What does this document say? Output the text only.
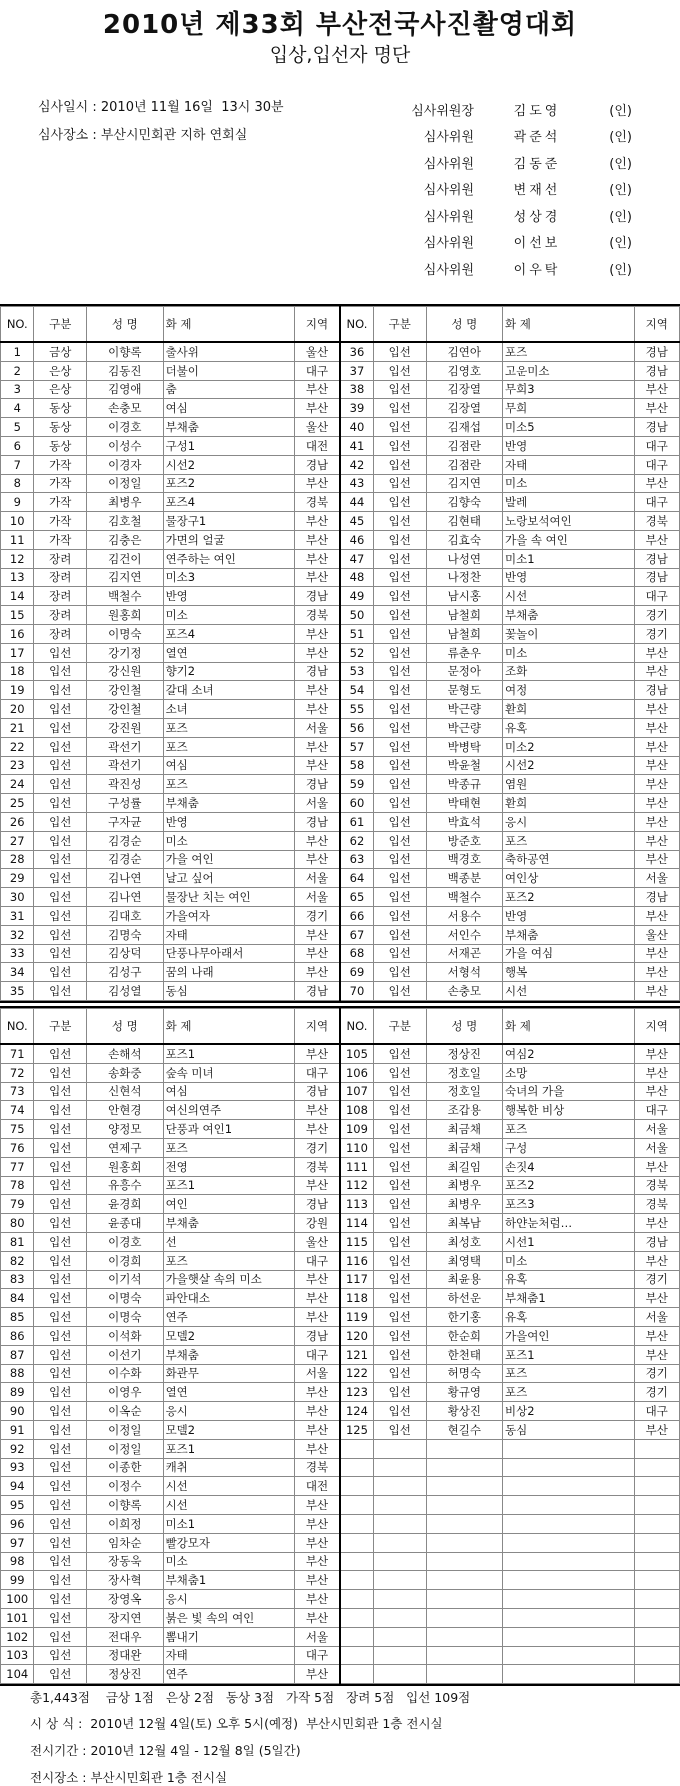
2010년 제33회 부산전국사진촬영대회
입상,입선자 명단
심사일시 : 2010년 11월 16일  13시 30분
심사장소 : 부산시민회관 지하 연회실
심사위원장	김도영	(인)
심사위원	곽준석	(인)
심사위원	김동준	(인)
심사위원	변재선	(인)
심사위원	성상경	(인)
심사위원	이선보	(인)
심사위원	이우탁	(인)
NO.	구분	성 명	화 제	지역	NO.	구분	성 명	화 제	지역
1	금상	이향록	출사위	울산	36	입선	김연아	포즈	경남
2	은상	김동진	더불이	대구	37	입선	김영호	고운미소	경남
3	은상	김영애	춤	부산	38	입선	김장열	무희3	부산
4	동상	손충모	여심	부산	39	입선	김장열	무희	부산
5	동상	이경호	부채춤	울산	40	입선	김재섭	미소5	경남
6	동상	이성수	구성1	대전	41	입선	김점란	반영	대구
7	가작	이경자	시선2	경남	42	입선	김점란	자태	대구
8	가작	이정일	포즈2	부산	43	입선	김지연	미소	부산
9	가작	최병우	포즈4	경북	44	입선	김향숙	발레	대구
10	가작	김호철	물장구1	부산	45	입선	김현태	노랑보석여인	경북
11	가작	김충은	가면의 얼굴	부산	46	입선	김효숙	가을 속 여인	부산
12	장려	김건이	연주하는 여인	부산	47	입선	나성연	미소1	경남
13	장려	김지연	미소3	부산	48	입선	나정찬	반영	경남
14	장려	백철수	반영	경남	49	입선	남시홍	시선	대구
15	장려	원홍희	미소	경북	50	입선	남철희	부채춤	경기
16	장려	이명숙	포즈4	부산	51	입선	남철희	꽃놀이	경기
17	입선	강기정	열연	부산	52	입선	류춘우	미소	부산
18	입선	강신원	향기2	경남	53	입선	문정아	조화	부산
19	입선	강인철	갈대 소녀	부산	54	입선	문형도	여정	경남
20	입선	강인철	소녀	부산	55	입선	박근량	환희	부산
21	입선	강진원	포즈	서울	56	입선	박근량	유혹	부산
22	입선	곽선기	포즈	부산	57	입선	박병탁	미소2	부산
23	입선	곽선기	여심	부산	58	입선	박윤철	시선2	부산
24	입선	곽진성	포즈	경남	59	입선	박종규	염원	부산
25	입선	구성률	부채춤	서울	60	입선	박태현	환희	부산
26	입선	구자균	반영	경남	61	입선	박효석	응시	부산
27	입선	김경순	미소	부산	62	입선	방준호	포즈	부산
28	입선	김경순	가을 여인	부산	63	입선	백경호	축하공연	부산
29	입선	김나연	날고 싶어	서울	64	입선	백종분	여인상	서울
30	입선	김나연	물장난 치는 여인	서울	65	입선	백철수	포즈2	경남
31	입선	김대호	가을여자	경기	66	입선	서용수	반영	부산
32	입선	김명숙	자태	부산	67	입선	서인수	부채춤	울산
33	입선	김상덕	단풍나무아래서	부산	68	입선	서재곤	가을 여심	부산
34	입선	김성구	꿈의 나래	부산	69	입선	서형석	행복	부산
35	입선	김성열	동심	경남	70	입선	손충모	시선	부산
NO.	구분	성 명	화 제	지역	NO.	구분	성 명	화 제	지역
71	입선	손해석	포즈1	부산	105	입선	정상진	여심2	부산
72	입선	송화중	숲속 미녀	대구	106	입선	정호일	소망	부산
73	입선	신현석	여심	경남	107	입선	정호일	숙녀의 가을	부산
74	입선	안현경	여신의연주	부산	108	입선	조갑용	행복한 비상	대구
75	입선	양정모	단풍과 여인1	부산	109	입선	최금채	포즈	서울
76	입선	연제구	포즈	경기	110	입선	최금채	구성	서울
77	입선	원홍희	전영	경북	111	입선	최길임	손짓4	부산
78	입선	유흥수	포즈1	부산	112	입선	최병우	포즈2	경북
79	입선	윤경희	여인	경남	113	입선	최병우	포즈3	경북
80	입선	윤종대	부채춤	강원	114	입선	최복남	하얀눈처럼…	부산
81	입선	이경호	선	울산	115	입선	최성호	시선1	경남
82	입선	이경희	포즈	대구	116	입선	최영택	미소	부산
83	입선	이기석	가을햇살 속의 미소	부산	117	입선	최윤용	유혹	경기
84	입선	이명숙	파안대소	부산	118	입선	하선운	부채춤1	부산
85	입선	이명숙	연주	부산	119	입선	한기홍	유혹	서울
86	입선	이석화	모델2	경남	120	입선	한순희	가을여인	부산
87	입선	이선기	부채춤	대구	121	입선	한천태	포즈1	부산
88	입선	이수화	화관무	서울	122	입선	허명숙	포즈	경기
89	입선	이영우	열연	부산	123	입선	황규영	포즈	경기
90	입선	이옥순	응시	부산	124	입선	황상진	비상2	대구
91	입선	이정일	모델2	부산	125	입선	현길수	동심	부산
92	입선	이정일	포즈1	부산					
93	입선	이종한	캐취	경북					
94	입선	이정수	시선	대전					
95	입선	이향록	시선	부산					
96	입선	이희정	미소1	부산					
97	입선	임차순	빨강모자	부산					
98	입선	장동욱	미소	부산					
99	입선	장사혁	부채춤1	부산					
100	입선	장영옥	응시	부산					
101	입선	장지연	붉은 빛 속의 여인	부산					
102	입선	전대우	뽐내기	서울					
103	입선	정대완	자태	대구					
104	입선	정상진	연주	부산					
총1,443점    금상 1점   은상 2점   동상 3점   가작 5점   장려 5점   입선 109점
시 상 식 :  2010년 12월 4일(토) 오후 5시(예정)  부산시민회관 1층 전시실
전시기간 : 2010년 12월 4일 - 12월 8일 (5일간)
전시장소 : 부산시민회관 1층 전시실
